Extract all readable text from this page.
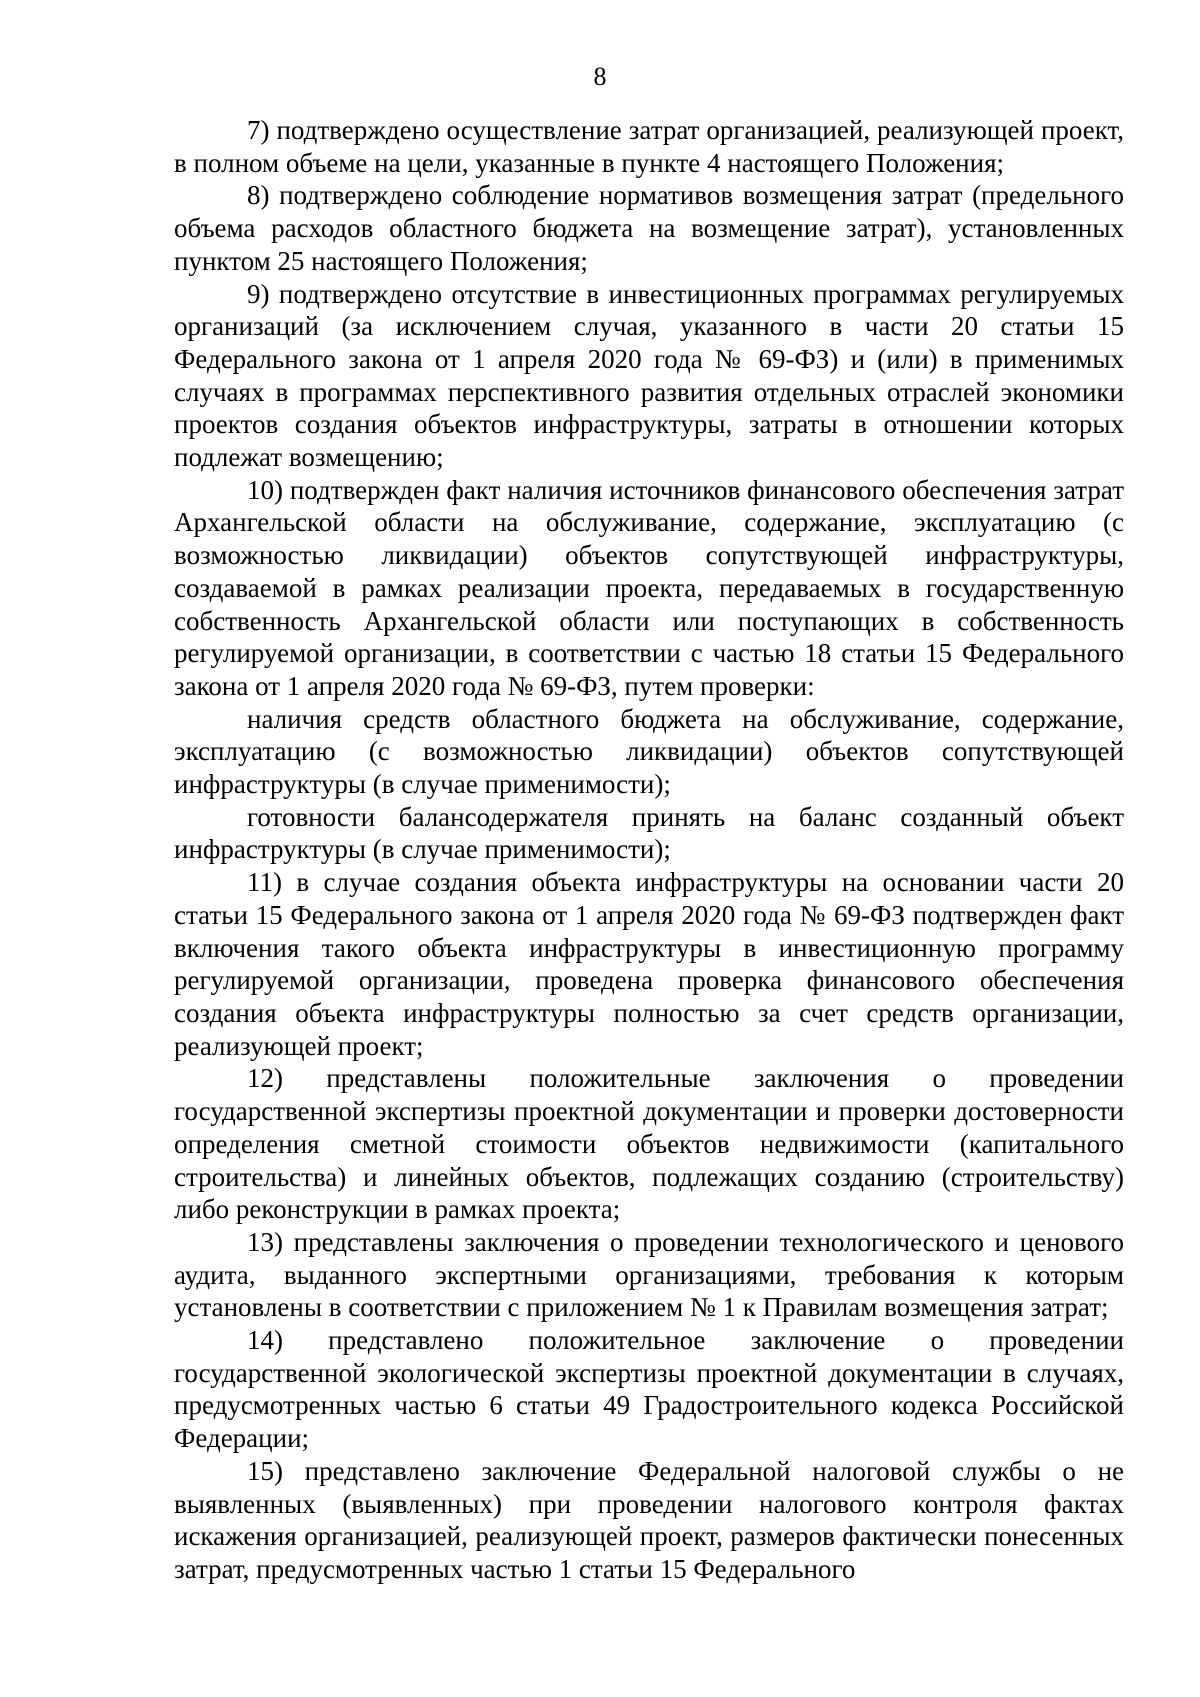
8

7) подтверждено осуществление затрат организацией, реализующей проект, в полном объеме на цели, указанные в пункте 4 настоящего Положения;

8) подтверждено соблюдение нормативов возмещения затрат (предельного объема расходов областного бюджета на возмещение затрат), установленных пунктом 25 настоящего Положения;

9) подтверждено отсутствие в инвестиционных программах регулируемых организаций (за исключением случая, указанного в части 20 статьи 15 Федерального закона от 1 апреля 2020 года № 69-ФЗ) и (или) в применимых случаях в программах перспективного развития отдельных отраслей экономики проектов создания объектов инфраструктуры, затраты в отношении которых подлежат возмещению;

10) подтвержден факт наличия источников финансового обеспечения затрат Архангельской области на обслуживание, содержание, эксплуатацию (с возможностью ликвидации) объектов сопутствующей инфраструктуры, создаваемой в рамках реализации проекта, передаваемых в государственную собственность Архангельской области или поступающих в собственность регулируемой организации, в соответствии с частью 18 статьи 15 Федерального закона от 1 апреля 2020 года № 69-ФЗ, путем проверки:

наличия средств областного бюджета на обслуживание, содержание, эксплуатацию (с возможностью ликвидации) объектов сопутствующей инфраструктуры (в случае применимости);

готовности балансодержателя принять на баланс созданный объект инфраструктуры (в случае применимости);

11) в случае создания объекта инфраструктуры на основании части 20 статьи 15 Федерального закона от 1 апреля 2020 года № 69-ФЗ подтвержден факт включения такого объекта инфраструктуры в инвестиционную программу регулируемой организации, проведена проверка финансового обеспечения создания объекта инфраструктуры полностью за счет средств организации, реализующей проект;

12) представлены положительные заключения о проведении государственной экспертизы проектной документации и проверки достоверности определения сметной стоимости объектов недвижимости (капитального строительства) и линейных объектов, подлежащих созданию (строительству) либо реконструкции в рамках проекта;

13) представлены заключения о проведении технологического и ценового аудита, выданного экспертными организациями, требования к которым установлены в соответствии с приложением № 1 к Правилам возмещения затрат;

14) представлено положительное заключение о проведении государственной экологической экспертизы проектной документации в случаях, предусмотренных частью 6 статьи 49 Градостроительного кодекса Российской Федерации;

15) представлено заключение Федеральной налоговой службы о не выявленных (выявленных) при проведении налогового контроля фактах искажения организацией, реализующей проект, размеров фактически понесенных затрат, предусмотренных частью 1 статьи 15 Федерального
